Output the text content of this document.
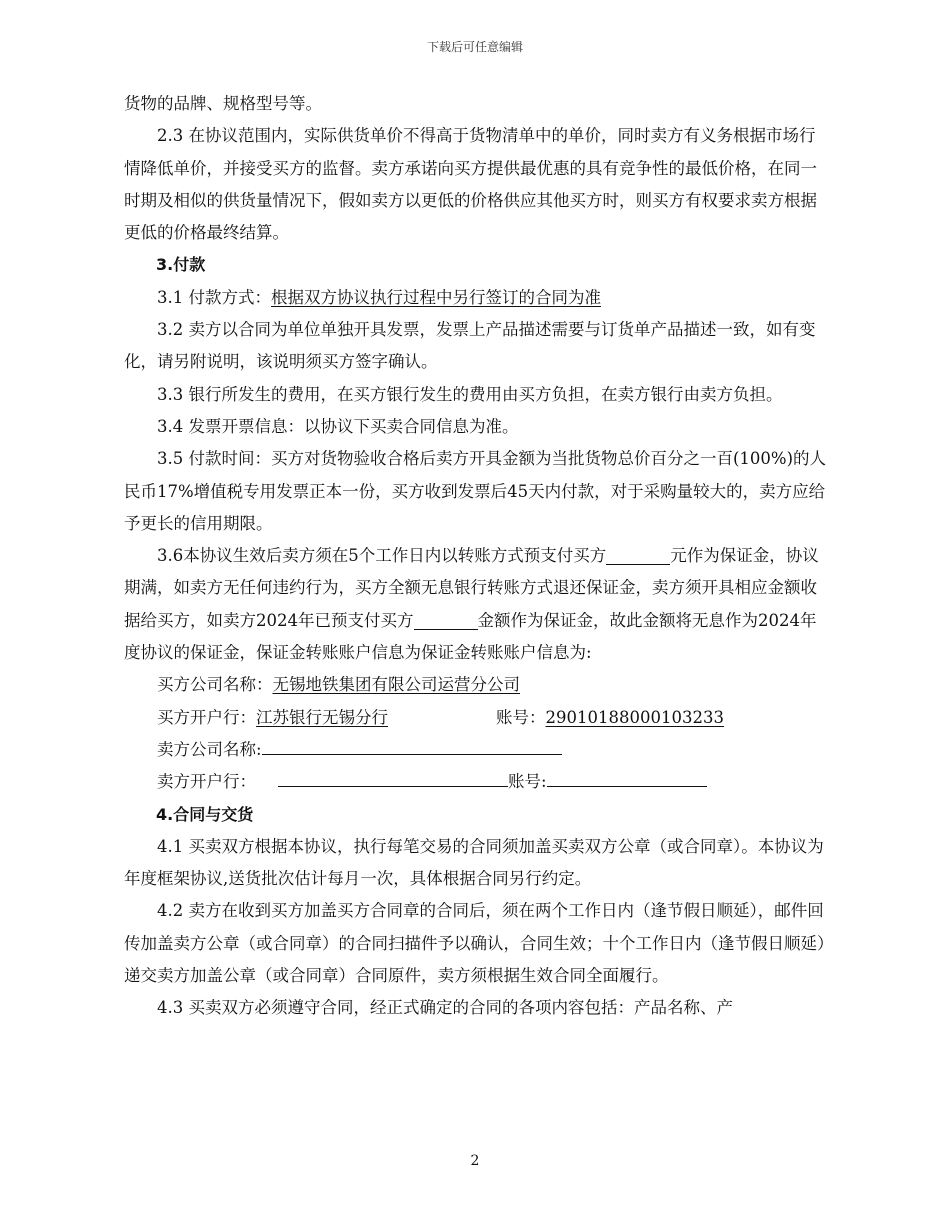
下载后可任意编辑

货物的品牌、规格型号等。

2.3 在协议范围内，实际供货单价不得高于货物清单中的单价，同时卖方有义务根据市场行情降低单价，并接受买方的监督。卖方承诺向买方提供最优惠的具有竞争性的最低价格，在同一时期及相似的供货量情况下，假如卖方以更低的价格供应其他买方时，则买方有权要求卖方根据更低的价格最终结算。

3.付款

3.1 付款方式：根据双方协议执行过程中另行签订的合同为准

3.2 卖方以合同为单位单独开具发票，发票上产品描述需要与订货单产品描述一致，如有变化，请另附说明，该说明须买方签字确认。

3.3 银行所发生的费用，在买方银行发生的费用由买方负担，在卖方银行由卖方负担。

3.4 发票开票信息：以协议下买卖合同信息为准。

3.5 付款时间：买方对货物验收合格后卖方开具金额为当批货物总价百分之一百(100%)的人民币17%增值税专用发票正本一份，买方收到发票后45天内付款，对于采购量较大的，卖方应给予更长的信用期限。

3.6本协议生效后卖方须在5个工作日内以转账方式预支付买方	元作为保证金，协议期满，如卖方无任何违约行为，买方全额无息银行转账方式退还保证金，卖方须开具相应金额收据给买方，如卖方2024年已预支付买方	金额作为保证金，故此金额将无息作为2024年度协议的保证金，保证金转账账户信息为保证金转账账户信息为:

买方公司名称： 无锡地铁集团有限公司运营分公司
买方开户行： 江苏银行无锡分行	账号： 29010188000103233
卖方公司名称:
卖方开户行：	账号:

4.合同与交货

4.1 买卖双方根据本协议，执行每笔交易的合同须加盖买卖双方公章（或合同章）。本协议为年度框架协议,送货批次估计每月一次，具体根据合同另行约定。

4.2 卖方在收到买方加盖买方合同章的合同后，须在两个工作日内（逢节假日顺延），邮件回传加盖卖方公章（或合同章）的合同扫描件予以确认，合同生效；十个工作日内（逢节假日顺延）递交卖方加盖公章（或合同章）合同原件，卖方须根据生效合同全面履行。

4.3 买卖双方必须遵守合同，经正式确定的合同的各项内容包括：产品名称、产

2
